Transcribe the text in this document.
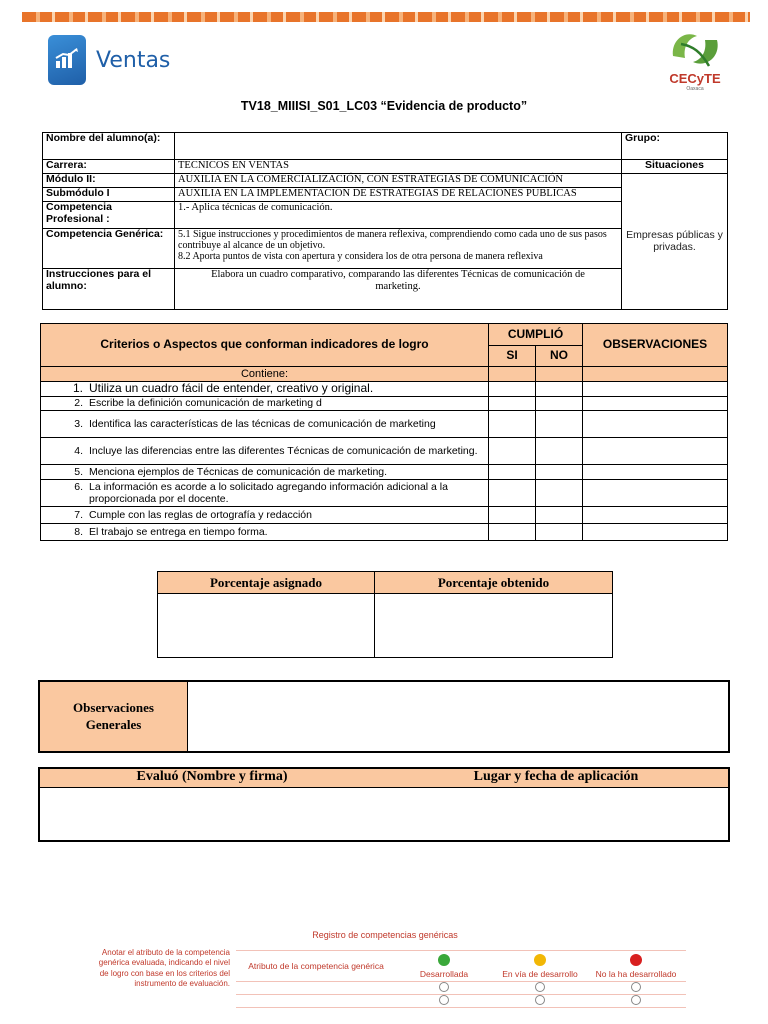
Ventas
CECyTE
Oaxaca
TV18_MIIISI_S01_LC03 “Evidencia de producto”
Nombre del alumno(a):		Grupo:
Carrera:	TECNICOS EN VENTAS	Situaciones
Módulo II:	AUXILIA EN LA COMERCIALIZACIÓN, CON ESTRATEGIAS DE COMUNICACIÓN	Empresas públicas y privadas.
Submódulo I	AUXILIA EN LA IMPLEMENTACION DE ESTRATEGIAS DE RELACIONES PUBLICAS	
Competencia Profesional :	1.- Aplica técnicas de comunicación.	
Competencia Genérica:	5.1 Sigue instrucciones y procedimientos de manera reflexiva, comprendiendo como cada uno de sus pasos contribuye al alcance de un objetivo.
8.2 Aporta puntos de vista con apertura y considera los de otra persona de manera reflexiva	

Instrucciones para el alumno:	Elabora un cuadro comparativo, comparando las diferentes Técnicas de comunicación de marketing.	
Criterios o Aspectos que conforman indicadores de logro	CUMPLIÓ		OBSERVACIONES
	SI	NO	
Contiene:			
1. Utiliza un cuadro fácil de entender, creativo y original.			
2. Escribe la definición comunicación de marketing d			
3. Identifica las características de las técnicas de comunicación de marketing			
4. Incluye las diferencias entre las diferentes Técnicas de comunicación de marketing.			
5. Menciona ejemplos de Técnicas de comunicación de marketing.			
6. La información es acorde a lo solicitado agregando información adicional a la proporcionada por el docente.			
7. Cumple con las reglas de ortografía y redacción			
8. El trabajo se entrega en tiempo forma.			
Porcentaje asignado	Porcentaje obtenido

Observaciones Generales
Evaluó (Nombre y firma)	Lugar y fecha de aplicación
Registro de competencias genéricas
Anotar el atributo de la competencia genérica evaluada, indicando el nivel de logro con base en los criterios del instrumento de evaluación.
Atributo de la competencia genérica
Desarrollada	En vía de desarrollo	No la ha desarrollado
